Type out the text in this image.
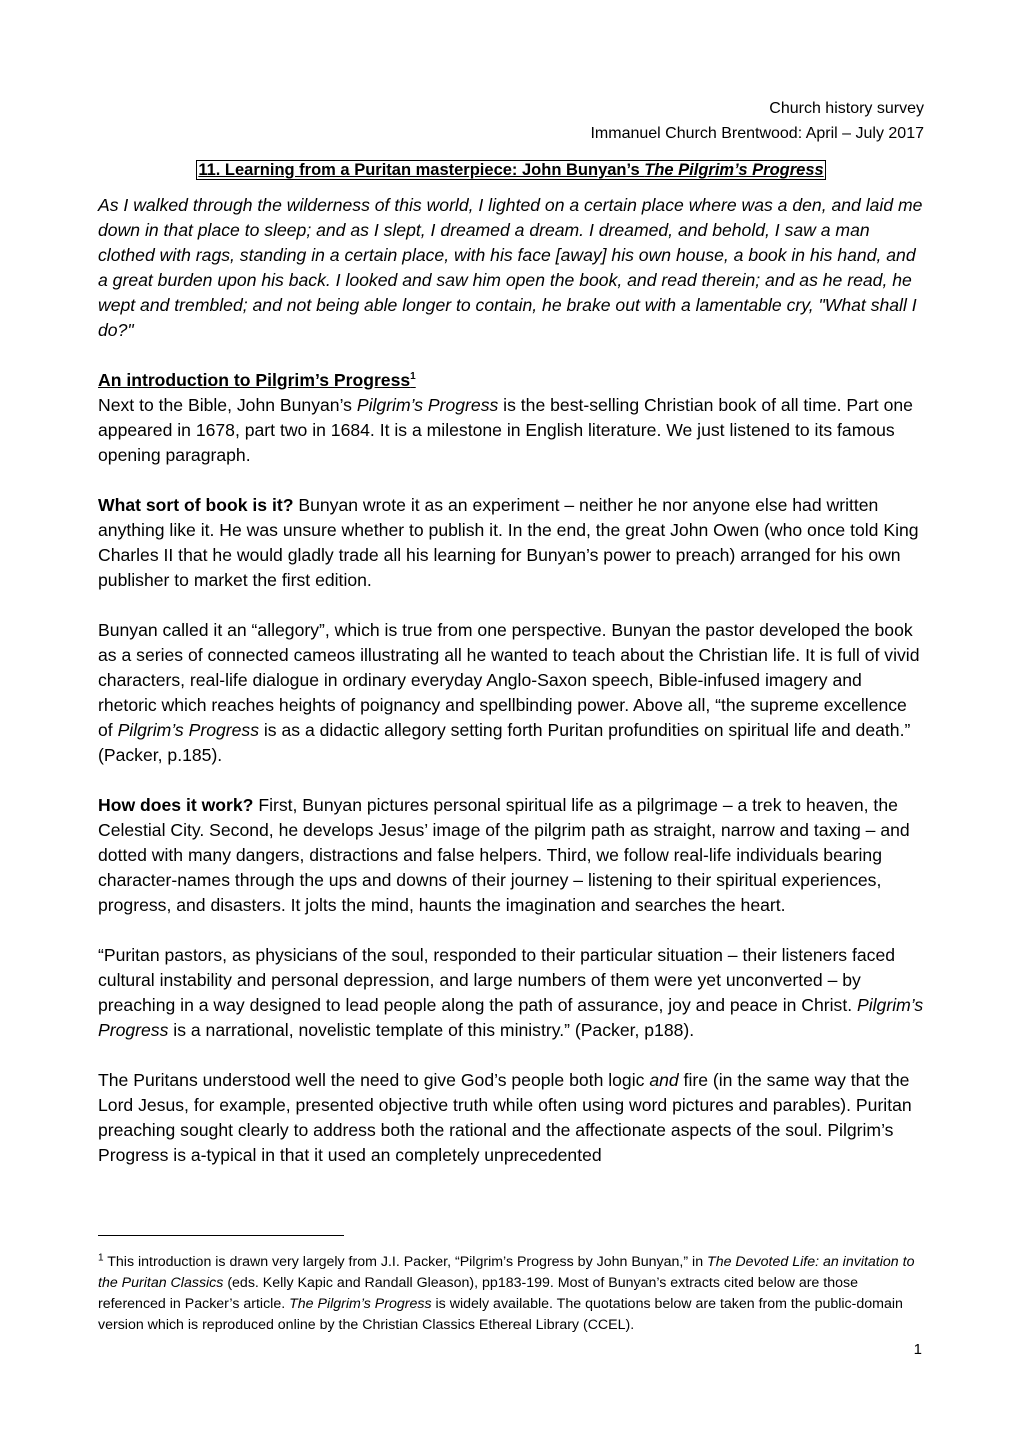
Church history survey
Immanuel Church Brentwood: April – July 2017
11. Learning from a Puritan masterpiece: John Bunyan’s The Pilgrim’s Progress

As I walked through the wilderness of this world, I lighted on a certain place where was a den, and laid me down in that place to sleep; and as I slept, I dreamed a dream. I dreamed, and behold, I saw a man clothed with rags, standing in a certain place, with his face [away] his own house, a book in his hand, and a great burden upon his back. I looked and saw him open the book, and read therein; and as he read, he wept and trembled; and not being able longer to contain, he brake out with a lamentable cry, "What shall I do?"

An introduction to Pilgrim’s Progress$^1$
Next to the Bible, John Bunyan’s Pilgrim’s Progress is the best-selling Christian book of all time. Part one appeared in 1678, part two in 1684. It is a milestone in English literature. We just listened to its famous opening paragraph.

What sort of book is it? Bunyan wrote it as an experiment – neither he nor anyone else had written anything like it. He was unsure whether to publish it. In the end, the great John Owen (who once told King Charles II that he would gladly trade all his learning for Bunyan’s power to preach) arranged for his own publisher to market the first edition.

Bunyan called it an “allegory”, which is true from one perspective. Bunyan the pastor developed the book as a series of connected cameos illustrating all he wanted to teach about the Christian life. It is full of vivid characters, real-life dialogue in ordinary everyday Anglo-Saxon speech, Bible-infused imagery and rhetoric which reaches heights of poignancy and spellbinding power. Above all, “the supreme excellence of Pilgrim’s Progress is as a didactic allegory setting forth Puritan profundities on spiritual life and death.” (Packer, p.185).

How does it work? First, Bunyan pictures personal spiritual life as a pilgrimage – a trek to heaven, the Celestial City. Second, he develops Jesus’ image of the pilgrim path as straight, narrow and taxing – and dotted with many dangers, distractions and false helpers. Third, we follow real-life individuals bearing character-names through the ups and downs of their journey – listening to their spiritual experiences, progress, and disasters. It jolts the mind, haunts the imagination and searches the heart.

“Puritan pastors, as physicians of the soul, responded to their particular situation – their listeners faced cultural instability and personal depression, and large numbers of them were yet unconverted – by preaching in a way designed to lead people along the path of assurance, joy and peace in Christ. Pilgrim’s Progress is a narrational, novelistic template of this ministry.” (Packer, p188).

The Puritans understood well the need to give God’s people both logic and fire (in the same way that the Lord Jesus, for example, presented objective truth while often using word pictures and parables). Puritan preaching sought clearly to address both the rational and the affectionate aspects of the soul. Pilgrim’s Progress is a-typical in that it used an completely unprecedented

$^1$ This introduction is drawn very largely from J.I. Packer, “Pilgrim’s Progress by John Bunyan,” in The Devoted Life: an invitation to the Puritan Classics (eds. Kelly Kapic and Randall Gleason), pp183-199. Most of Bunyan’s extracts cited below are those referenced in Packer’s article. The Pilgrim’s Progress is widely available. The quotations below are taken from the public-domain version which is reproduced online by the Christian Classics Ethereal Library (CCEL).
1
